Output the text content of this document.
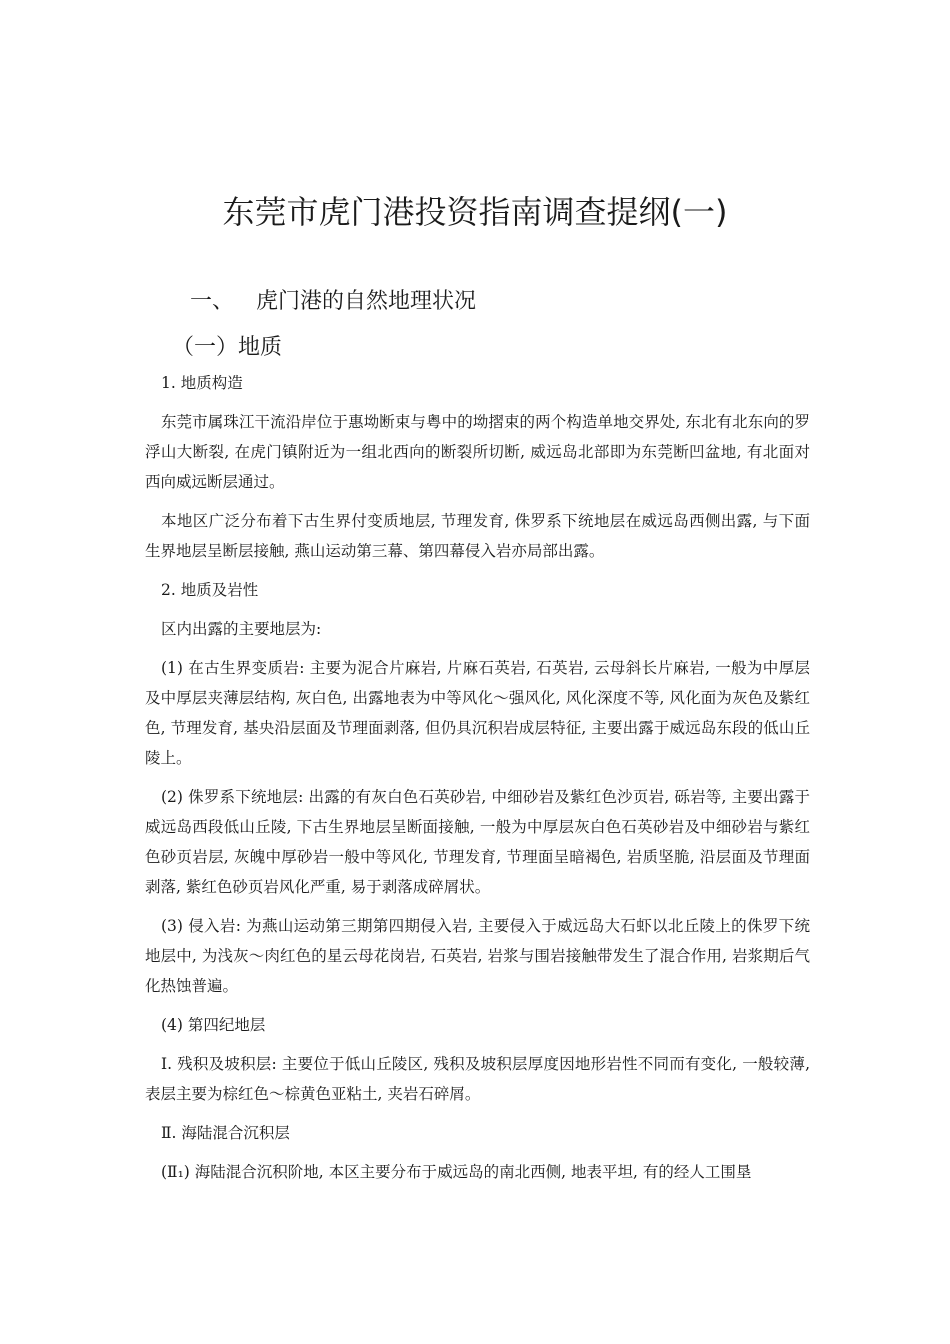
东莞市虎门港投资指南调查提纲(一)
一、 虎门港的自然地理状况
（一）地质

1. 地质构造

东莞市属珠江干流沿岸位于惠坳断束与粤中的坳摺束的两个构造单地交界处, 东北有北东向的罗浮山大断裂, 在虎门镇附近为一组北西向的断裂所切断, 威远岛北部即为东莞断凹盆地, 有北面对西向威远断层通过。

本地区广泛分布着下古生界付变质地层, 节理发育, 侏罗系下统地层在威远岛西侧出露, 与下面生界地层呈断层接触, 燕山运动第三幕、第四幕侵入岩亦局部出露。

2. 地质及岩性

区内出露的主要地层为:

(1) 在古生界变质岩: 主要为泥合片麻岩, 片麻石英岩, 石英岩, 云母斜长片麻岩, 一般为中厚层及中厚层夹薄层结构, 灰白色, 出露地表为中等风化～强风化, 风化深度不等, 风化面为灰色及紫红色, 节理发育, 基央沿层面及节理面剥落, 但仍具沉积岩成层特征, 主要出露于威远岛东段的低山丘陵上。

(2) 侏罗系下统地层: 出露的有灰白色石英砂岩, 中细砂岩及紫红色沙页岩, 砾岩等, 主要出露于威远岛西段低山丘陵, 下古生界地层呈断面接触, 一般为中厚层灰白色石英砂岩及中细砂岩与紫红色砂页岩层, 灰魄中厚砂岩一般中等风化, 节理发育, 节理面呈暗褐色, 岩质坚脆, 沿层面及节理面剥落, 紫红色砂页岩风化严重, 易于剥落成碎屑状。

(3) 侵入岩: 为燕山运动第三期第四期侵入岩, 主要侵入于威远岛大石虾以北丘陵上的侏罗下统地层中, 为浅灰～肉红色的星云母花岗岩, 石英岩, 岩浆与围岩接触带发生了混合作用, 岩浆期后气化热蚀普遍。

(4) 第四纪地层

I. 残积及坡积层: 主要位于低山丘陵区, 残积及坡积层厚度因地形岩性不同而有变化, 一般较薄, 表层主要为棕红色～棕黄色亚粘土, 夹岩石碎屑。

Ⅱ. 海陆混合沉积层

(Ⅱ₁) 海陆混合沉积阶地, 本区主要分布于威远岛的南北西侧, 地表平坦, 有的经人工围垦
